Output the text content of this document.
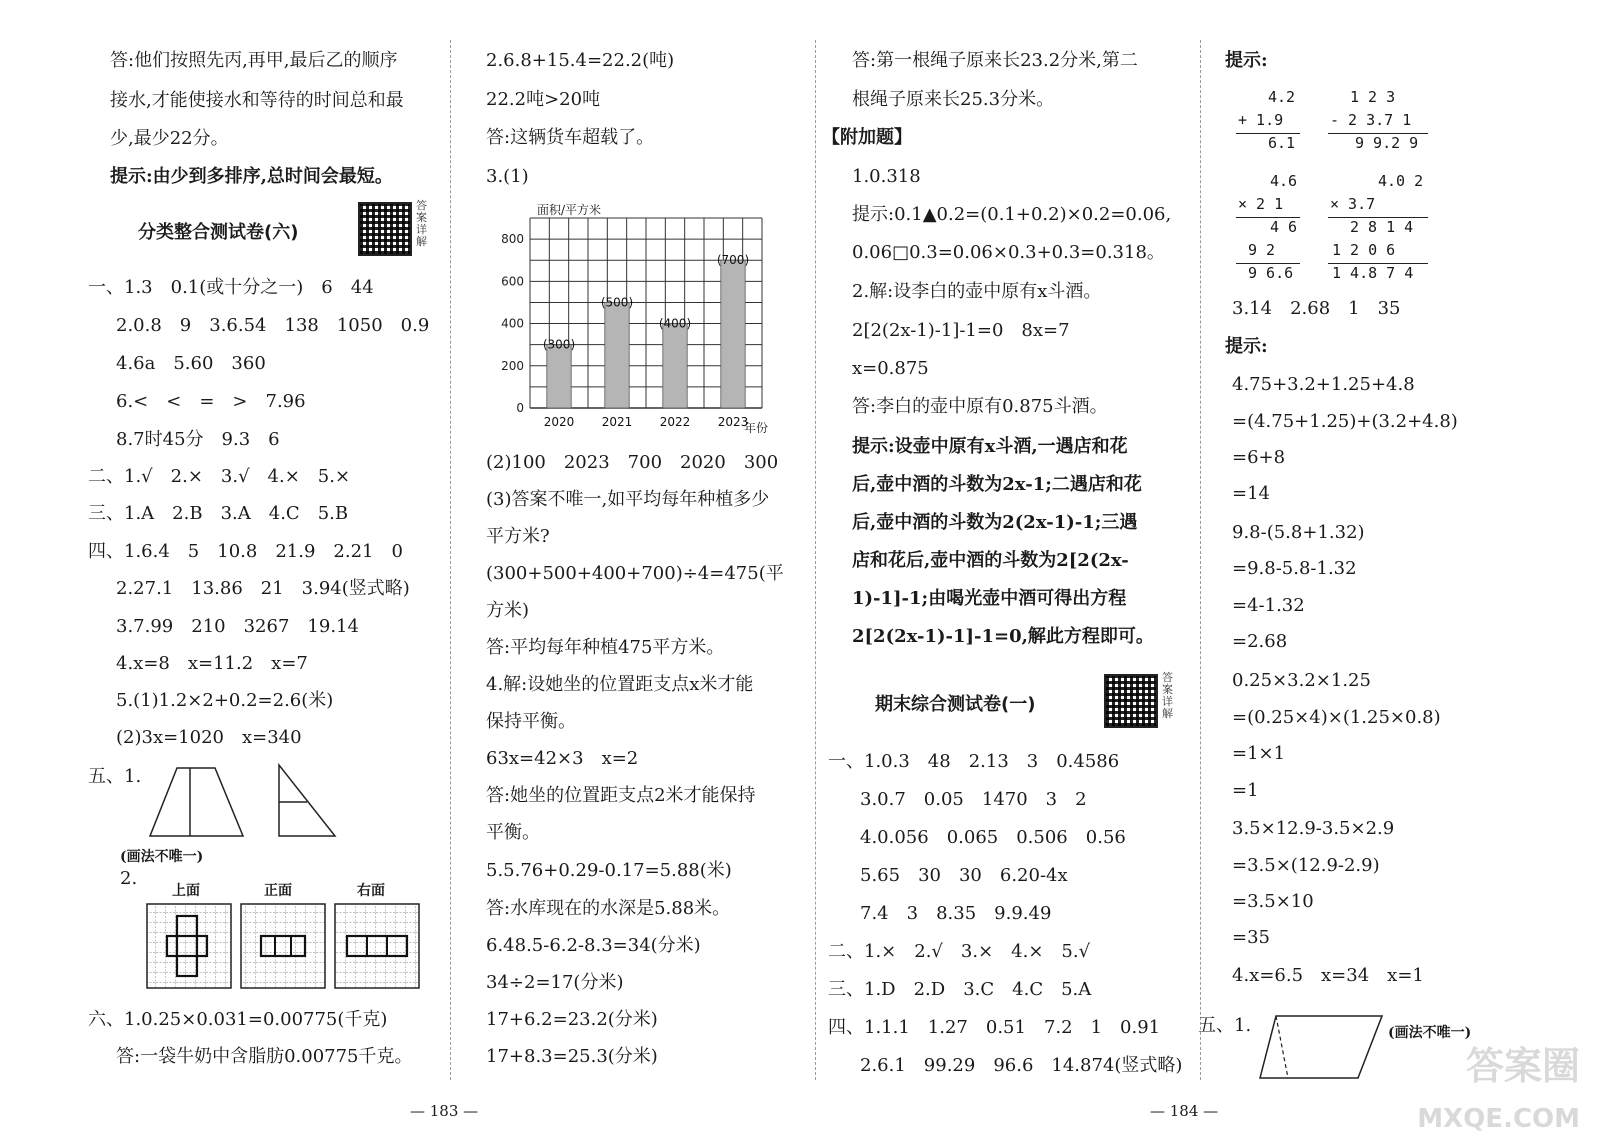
答:他们按照先丙,再甲,最后乙的顺序
接水,才能使接水和等待的时间总和最
少,最少22分。
提示:由少到多排序,总时间会最短。
分类整合测试卷(六)
答案详解
一、1.3　0.1(或十分之一)　6　44
2.0.8　9　3.6.54　138　1050　0.9
4.6a　5.60　360
6.<　<　=　>　7.96
8.7时45分　9.3　6
二、1.√　2.×　3.√　4.×　5.×
三、1.A　2.B　3.A　4.C　5.B
四、1.6.4　5　10.8　21.9　2.21　0
2.27.1　13.86　21　3.94(竖式略)
3.7.99　210　3267　19.14
4.x=8　x=11.2　x=7
5.(1)1.2×2+0.2=2.6(米)
(2)3x=1020　x=340
五、1.
(画法不唯一)
2.
上面	正面	右面
六、1.0.25×0.031=0.00775(千克)
答:一袋牛奶中含脂肪0.00775千克。
2.6.8+15.4=22.2(吨)
22.2吨>20吨
答:这辆货车超载了。
3.(1)
面积/平方米
年份
(300)
(500)
(400)
(700)
0
200
400
600
800
2020 2021 2022 2023
(2)100　2023　700　2020　300
(3)答案不唯一,如平均每年种植多少
平方米?
(300+500+400+700)÷4=475(平
方米)
答:平均每年种植475平方米。
4.解:设她坐的位置距支点x米才能
保持平衡。
63x=42×3　x=2
答:她坐的位置距支点2米才能保持
平衡。
5.5.76+0.29-0.17=5.88(米)
答:水库现在的水深是5.88米。
6.48.5-6.2-8.3=34(分米)
34÷2=17(分米)
17+6.2=23.2(分米)
17+8.3=25.3(分米)
答:第一根绳子原来长23.2分米,第二
根绳子原来长25.3分米。
【附加题】
1.0.318
提示:0.1▲0.2=(0.1+0.2)×0.2=0.06,
0.06□0.3=0.06×0.3+0.3=0.318。
2.解:设李白的壶中原有x斗酒。
2[2(2x-1)-1]-1=0　8x=7
x=0.875
答:李白的壶中原有0.875斗酒。
提示:设壶中原有x斗酒,一遇店和花
后,壶中酒的斗数为2x-1;二遇店和花
后,壶中酒的斗数为2(2x-1)-1;三遇
店和花后,壶中酒的斗数为2[2(2x-
1)-1]-1;由喝光壶中酒可得出方程
2[2(2x-1)-1]-1=0,解此方程即可。
期末综合测试卷(一)
答案详解
一、1.0.3　48　2.13　3　0.4586
3.0.7　0.05　1470　3　2
4.0.056　0.065　0.506　0.56
5.65　30　30　6.20-4x
7.4　3　8.35　9.9.49
二、1.×　2.√　3.×　4.×　5.√
三、1.D　2.D　3.C　4.C　5.A
四、1.1.1　1.27　0.51　7.2　1　0.91
2.6.1　99.29　96.6　14.874(竖式略)
提示:
4.2
+ 1.9
6.1
1 2 3
- 2 3.7 1
9 9.2 9
4.6
× 2 1
4 6
9 2
9 6.6
4.0 2
× 3.7
2 8 1 4
1 2 0 6
1 4.8 7 4
3.14　2.68　1　35
提示:
4.75+3.2+1.25+4.8
=(4.75+1.25)+(3.2+4.8)
=6+8
=14
9.8-(5.8+1.32)
=9.8-5.8-1.32
=4-1.32
=2.68
0.25×3.2×1.25
=(0.25×4)×(1.25×0.8)
=1×1
=1
3.5×12.9-3.5×2.9
=3.5×(12.9-2.9)
=3.5×10
=35
4.x=6.5　x=34　x=1
五、1.	(画法不唯一)
— 183 —	— 184 —
答案圈
MXQE.COM
